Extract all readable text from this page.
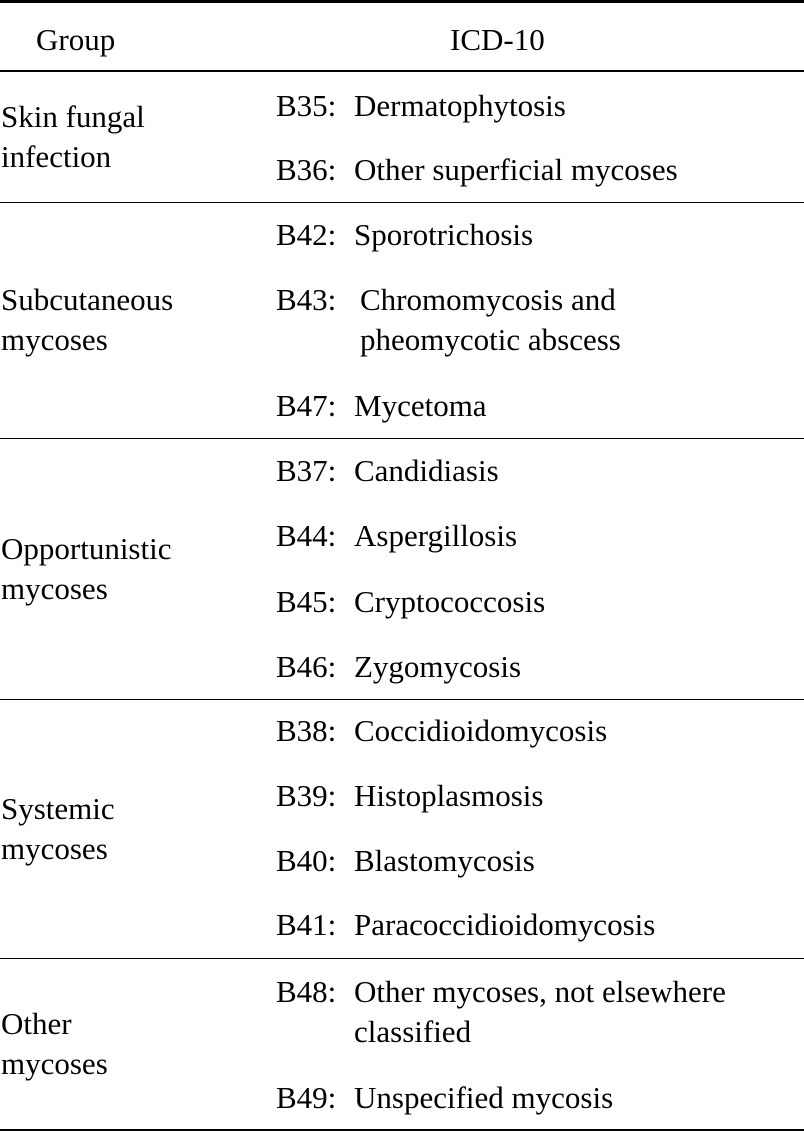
Group	ICD-10
Skin fungal
infection
B35: Dermatophytosis
B36: Other superficial mycoses
Subcutaneous
mycoses
B42: Sporotrichosis
B43: Chromomycosis and
pheomycotic abscess
B47: Mycetoma
Opportunistic
mycoses
B37: Candidiasis
B44: Aspergillosis
B45: Cryptococcosis
B46: Zygomycosis
Systemic
mycoses
B38: Coccidioidomycosis
B39: Histoplasmosis
B40: Blastomycosis
B41: Paracoccidioidomycosis
Other
mycoses
B48: Other mycoses, not elsewhere
classified
B49: Unspecified mycosis
